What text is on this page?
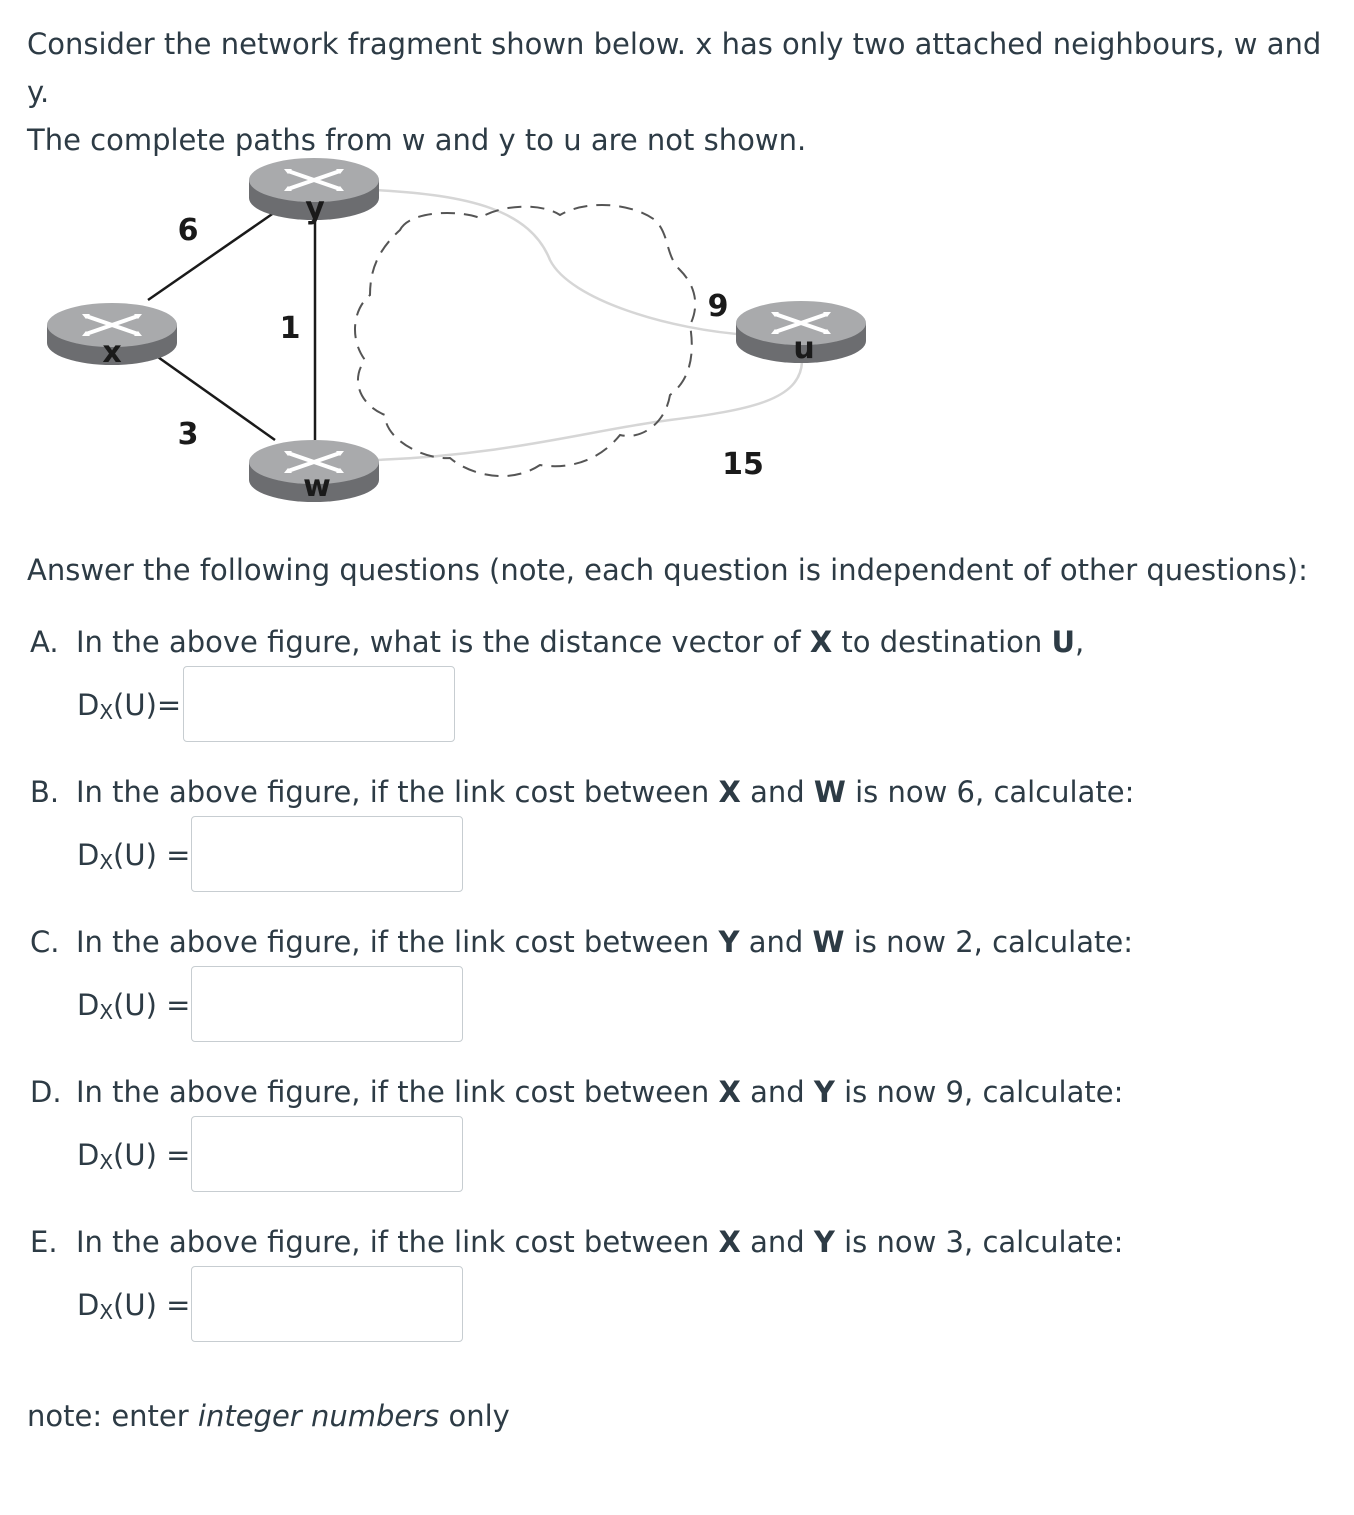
Consider the network fragment shown below. x has only two attached neighbours, w and y.
The complete paths from w and y to u are not shown.
y
x
w
u
6
1
3
9
15
Answer the following questions (note, each question is independent of other questions):
A. In the above figure, what is the distance vector of X to destination U,
$D_X(U)=$
B. In the above figure, if the link cost between X and W is now 6, calculate:
$D_X(U)$ =
C. In the above figure, if the link cost between Y and W is now 2, calculate:
$D_X(U)$ =
D. In the above figure, if the link cost between X and Y is now 9, calculate:
$D_X(U)$ =
E. In the above figure, if the link cost between X and Y is now 3, calculate:
$D_X(U)$ =
note: enter integer numbers only
